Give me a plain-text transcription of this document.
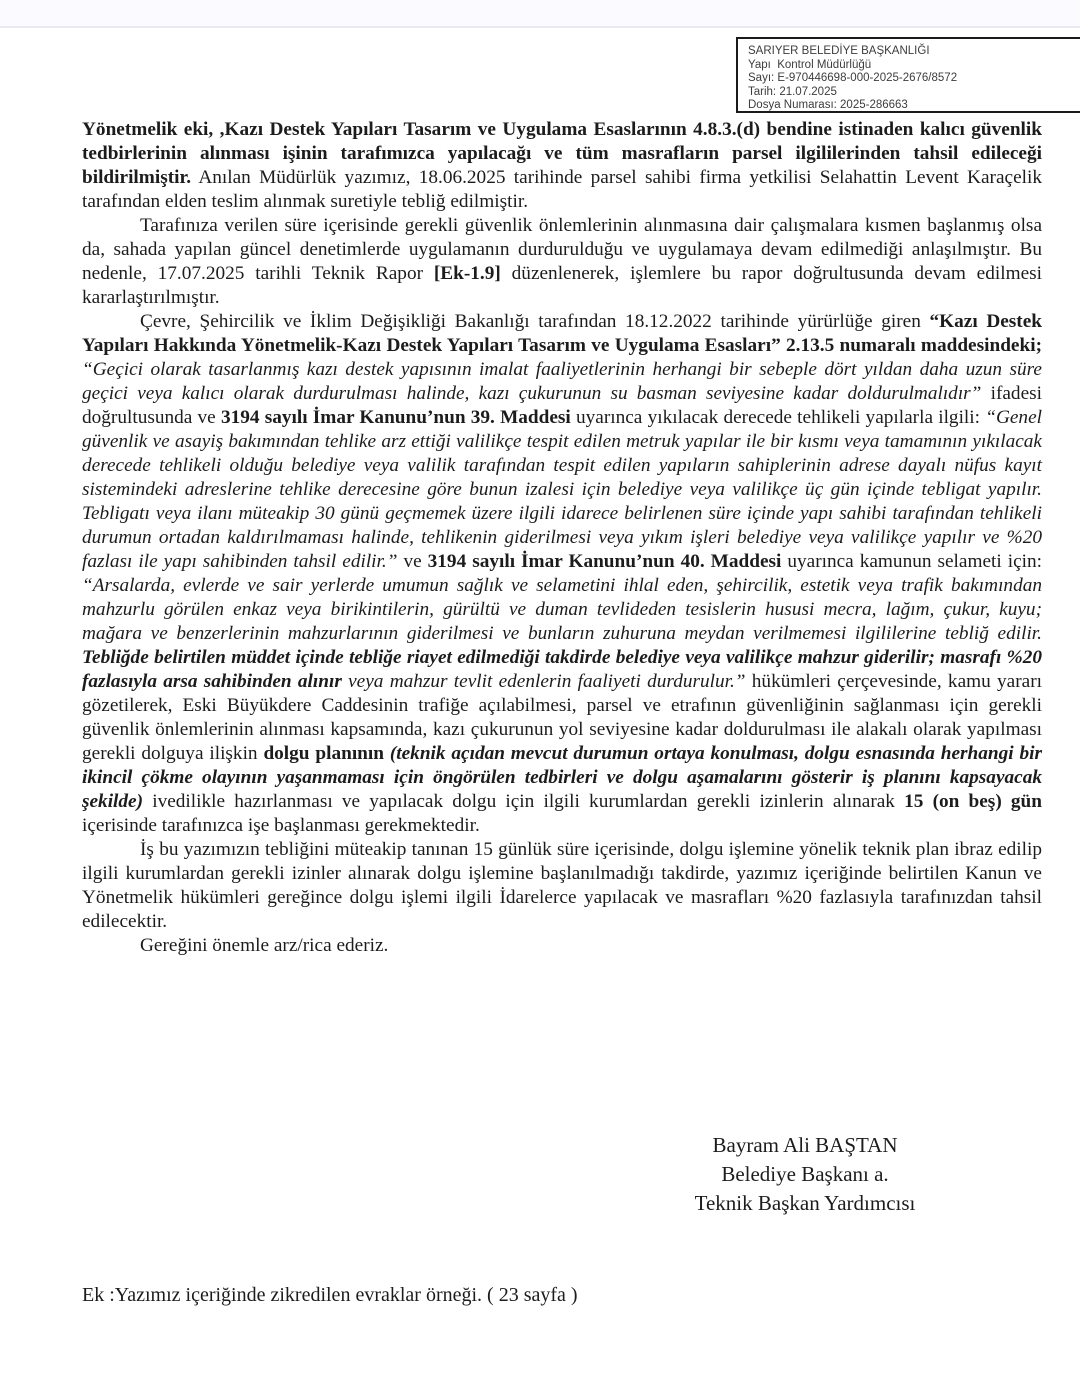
SARIYER BELEDİYE BAŞKANLIĞI
Yapı  Kontrol Müdürlüğü
Sayı: E-970446698-000-2025-2676/8572
Tarih: 21.07.2025
Dosya Numarası: 2025-286663

Yönetmelik eki, ,Kazı Destek Yapıları Tasarım ve Uygulama Esaslarının 4.8.3.(d) bendine istinaden kalıcı güvenlik tedbirlerinin alınması işinin tarafımızca yapılacağı ve tüm masrafların parsel ilgililerinden tahsil edileceği bildirilmiştir. Anılan Müdürlük yazımız, 18.06.2025 tarihinde parsel sahibi firma yetkilisi Selahattin Levent Karaçelik tarafından elden teslim alınmak suretiyle tebliğ edilmiştir.

Tarafınıza verilen süre içerisinde gerekli güvenlik önlemlerinin alınmasına dair çalışmalara kısmen başlanmış olsa da, sahada yapılan güncel denetimlerde uygulamanın durdurulduğu ve uygulamaya devam edilmediği anlaşılmıştır. Bu nedenle, 17.07.2025 tarihli Teknik Rapor [Ek-1.9] düzenlenerek, işlemlere bu rapor doğrultusunda devam edilmesi kararlaştırılmıştır.

Çevre, Şehircilik ve İklim Değişikliği Bakanlığı tarafından 18.12.2022 tarihinde yürürlüğe giren “Kazı Destek Yapıları Hakkında Yönetmelik-Kazı Destek Yapıları Tasarım ve Uygulama Esasları” 2.13.5 numaralı maddesindeki; “Geçici olarak tasarlanmış kazı destek yapısının imalat faaliyetlerinin herhangi bir sebeple dört yıldan daha uzun süre geçici veya kalıcı olarak durdurulması halinde, kazı çukurunun su basman seviyesine kadar doldurulmalıdır” ifadesi doğrultusunda ve 3194 sayılı İmar Kanunu’nun 39. Maddesi uyarınca yıkılacak derecede tehlikeli yapılarla ilgili: “Genel güvenlik ve asayiş bakımından tehlike arz ettiği valilikçe tespit edilen metruk yapılar ile bir kısmı veya tamamının yıkılacak derecede tehlikeli olduğu belediye veya valilik tarafından tespit edilen yapıların sahiplerinin adrese dayalı nüfus kayıt sistemindeki adreslerine tehlike derecesine göre bunun izalesi için belediye veya valilikçe üç gün içinde tebligat yapılır. Tebligatı veya ilanı müteakip 30 günü geçmemek üzere ilgili idarece belirlenen süre içinde yapı sahibi tarafından tehlikeli durumun ortadan kaldırılmaması halinde, tehlikenin giderilmesi veya yıkım işleri belediye veya valilikçe yapılır ve %20 fazlası ile yapı sahibinden tahsil edilir.” ve 3194 sayılı İmar Kanunu’nun 40. Maddesi uyarınca kamunun selameti için: “Arsalarda, evlerde ve sair yerlerde umumun sağlık ve selametini ihlal eden, şehircilik, estetik veya trafik bakımından mahzurlu görülen enkaz veya birikintilerin, gürültü ve duman tevlideden tesislerin hususi mecra, lağım, çukur, kuyu; mağara ve benzerlerinin mahzurlarının giderilmesi ve bunların zuhuruna meydan verilmemesi ilgililerine tebliğ edilir. Tebliğde belirtilen müddet içinde tebliğe riayet edilmediği takdirde belediye veya valilikçe mahzur giderilir; masrafı %20 fazlasıyla arsa sahibinden alınır veya mahzur tevlit edenlerin faaliyeti durdurulur.” hükümleri çerçevesinde, kamu yararı gözetilerek, Eski Büyükdere Caddesinin trafiğe açılabilmesi, parsel ve etrafının güvenliğinin sağlanması için gerekli güvenlik önlemlerinin alınması kapsamında, kazı çukurunun yol seviyesine kadar doldurulması ile alakalı olarak yapılması gerekli dolguya ilişkin dolgu planının (teknik açıdan mevcut durumun ortaya konulması, dolgu esnasında herhangi bir ikincil çökme olayının yaşanmaması için öngörülen tedbirleri ve dolgu aşamalarını gösterir iş planını kapsayacak şekilde) ivedilikle hazırlanması ve yapılacak dolgu için ilgili kurumlardan gerekli izinlerin alınarak 15 (on beş) gün içerisinde tarafınızca işe başlanması gerekmektedir.

İş bu yazımızın tebliğini müteakip tanınan 15 günlük süre içerisinde, dolgu işlemine yönelik teknik plan ibraz edilip ilgili kurumlardan gerekli izinler alınarak dolgu işlemine başlanılmadığı takdirde, yazımız içeriğinde belirtilen Kanun ve Yönetmelik hükümleri gereğince dolgu işlemi ilgili İdarelerce yapılacak ve masrafları %20 fazlasıyla tarafınızdan tahsil edilecektir.

Gereğini önemle arz/rica ederiz.

Bayram Ali BAŞTAN
Belediye Başkanı a.
Teknik Başkan Yardımcısı
Ek :Yazımız içeriğinde zikredilen evraklar örneği. ( 23 sayfa )
